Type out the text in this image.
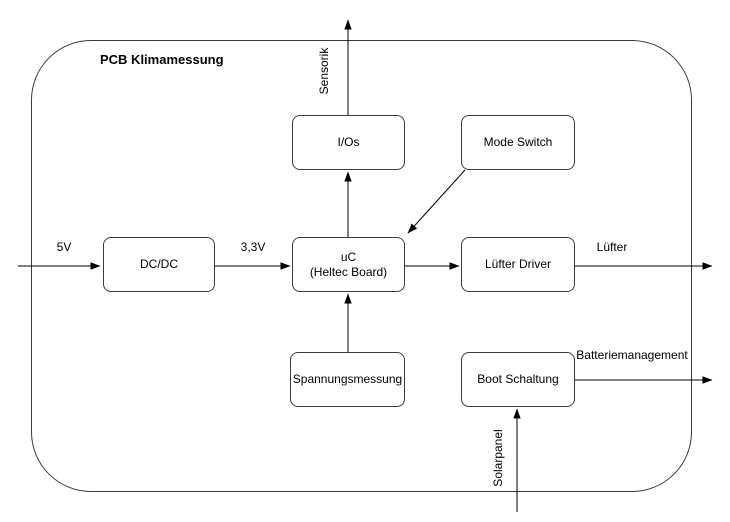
PCB Klimamessung
DC/DC
I/Os	Mode Switch
uC
(Heltec Board)
Lüfter Driver
Spannungsmessung	Boot Schaltung
5V	3,3V
Sensorik
Lüfter
Batteriemanagement
Solarpanel
